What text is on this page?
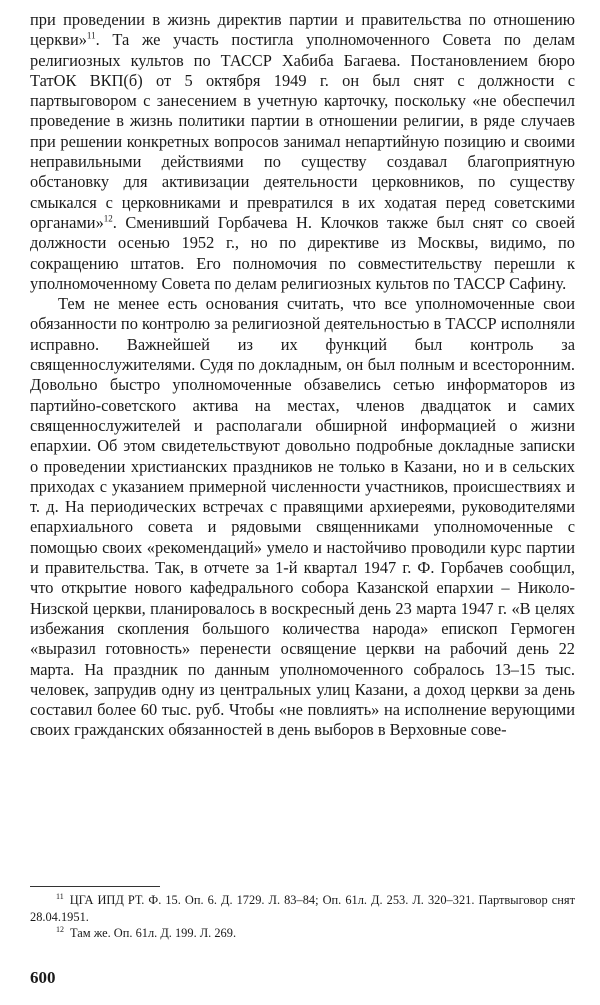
при проведении в жизнь директив партии и правительства по отношению церкви»$^{11}$. Та же участь постигла уполномоченного Совета по делам религиозных культов по ТАССР Хабиба Багаева. Постановлением бюро ТатОК ВКП(б) от 5 октября 1949 г. он был снят с должности с партвыговором с занесением в учетную карточку, поскольку «не обеспечил проведение в жизнь политики партии в отношении религии, в ряде случаев при решении конкретных вопросов занимал непартийную позицию и своими неправильными действиями по существу создавал благоприятную обстановку для активизации деятельности церковников, по существу смыкался с церковниками и превратился в их ходатая перед советскими органами»$^{12}$. Сменивший Горбачева Н. Клочков также был снят со своей должности осенью 1952 г., но по директиве из Москвы, видимо, по сокращению штатов. Его полномочия по совместительству перешли к уполномоченному Совета по делам религиозных культов по ТАССР Сафину.

Тем не менее есть основания считать, что все уполномоченные свои обязанности по контролю за религиозной деятельностью в ТАССР исполняли исправно. Важнейшей из их функций был контроль за священнослужителями. Судя по докладным, он был полным и всесторонним. Довольно быстро уполномоченные обзавелись сетью информаторов из партийно-советского актива на местах, членов двадцаток и самих священнослужителей и располагали обширной информацией о жизни епархии. Об этом свидетельствуют довольно подробные докладные записки о проведении христианских праздников не только в Казани, но и в сельских приходах с указанием примерной численности участников, происшествиях и т. д. На периодических встречах с правящими архиереями, руководителями епархиального совета и рядовыми священниками уполномоченные с помощью своих «рекомендаций» умело и настойчиво проводили курс партии и правительства. Так, в отчете за 1-й квартал 1947 г. Ф. Горбачев сообщил, что открытие нового кафедрального собора Казанской епархии – Николо-Низской церкви, планировалось в воскресный день 23 марта 1947 г. «В целях избежания скопления большого количества народа» епископ Гермоген «выразил готовность» перенести освящение церкви на рабочий день 22 марта. На праздник по данным уполномоченного собралось 13–15 тыс. человек, запрудив одну из центральных улиц Казани, а доход церкви за день составил более 60 тыс. руб. Чтобы «не повлиять» на исполнение верующими своих гражданских обязанностей в день выборов в Верховные сове-

$^{11}$ ЦГА ИПД РТ. Ф. 15. Оп. 6. Д. 1729. Л. 83–84; Оп. 61л. Д. 253. Л. 320–321. Партвыговор снят 28.04.1951.

$^{12}$ Там же. Оп. 61л. Д. 199. Л. 269.

600
